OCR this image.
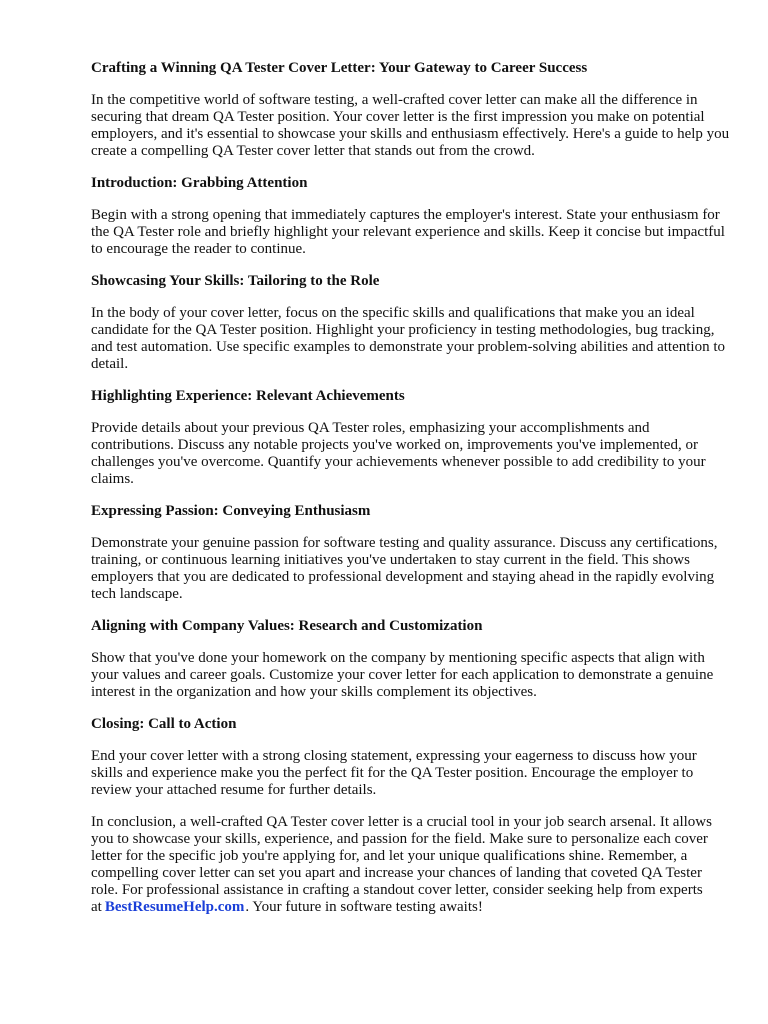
Crafting a Winning QA Tester Cover Letter: Your Gateway to Career Success
In the competitive world of software testing, a well-crafted cover letter can make all the difference in securing that dream QA Tester position. Your cover letter is the first impression you make on potential employers, and it's essential to showcase your skills and enthusiasm effectively. Here's a guide to help you create a compelling QA Tester cover letter that stands out from the crowd.
Introduction: Grabbing Attention
Begin with a strong opening that immediately captures the employer's interest. State your enthusiasm for the QA Tester role and briefly highlight your relevant experience and skills. Keep it concise but impactful to encourage the reader to continue.
Showcasing Your Skills: Tailoring to the Role
In the body of your cover letter, focus on the specific skills and qualifications that make you an ideal candidate for the QA Tester position. Highlight your proficiency in testing methodologies, bug tracking, and test automation. Use specific examples to demonstrate your problem-solving abilities and attention to detail.
Highlighting Experience: Relevant Achievements
Provide details about your previous QA Tester roles, emphasizing your accomplishments and contributions. Discuss any notable projects you've worked on, improvements you've implemented, or challenges you've overcome. Quantify your achievements whenever possible to add credibility to your claims.
Expressing Passion: Conveying Enthusiasm
Demonstrate your genuine passion for software testing and quality assurance. Discuss any certifications, training, or continuous learning initiatives you've undertaken to stay current in the field. This shows employers that you are dedicated to professional development and staying ahead in the rapidly evolving tech landscape.
Aligning with Company Values: Research and Customization
Show that you've done your homework on the company by mentioning specific aspects that align with your values and career goals. Customize your cover letter for each application to demonstrate a genuine interest in the organization and how your skills complement its objectives.
Closing: Call to Action
End your cover letter with a strong closing statement, expressing your eagerness to discuss how your skills and experience make you the perfect fit for the QA Tester position. Encourage the employer to review your attached resume for further details.
In conclusion, a well-crafted QA Tester cover letter is a crucial tool in your job search arsenal. It allows you to showcase your skills, experience, and passion for the field. Make sure to personalize each cover letter for the specific job you're applying for, and let your unique qualifications shine. Remember, a compelling cover letter can set you apart and increase your chances of landing that coveted QA Tester role. For professional assistance in crafting a standout cover letter, consider seeking help from experts at BestResumeHelp.com. Your future in software testing awaits!
